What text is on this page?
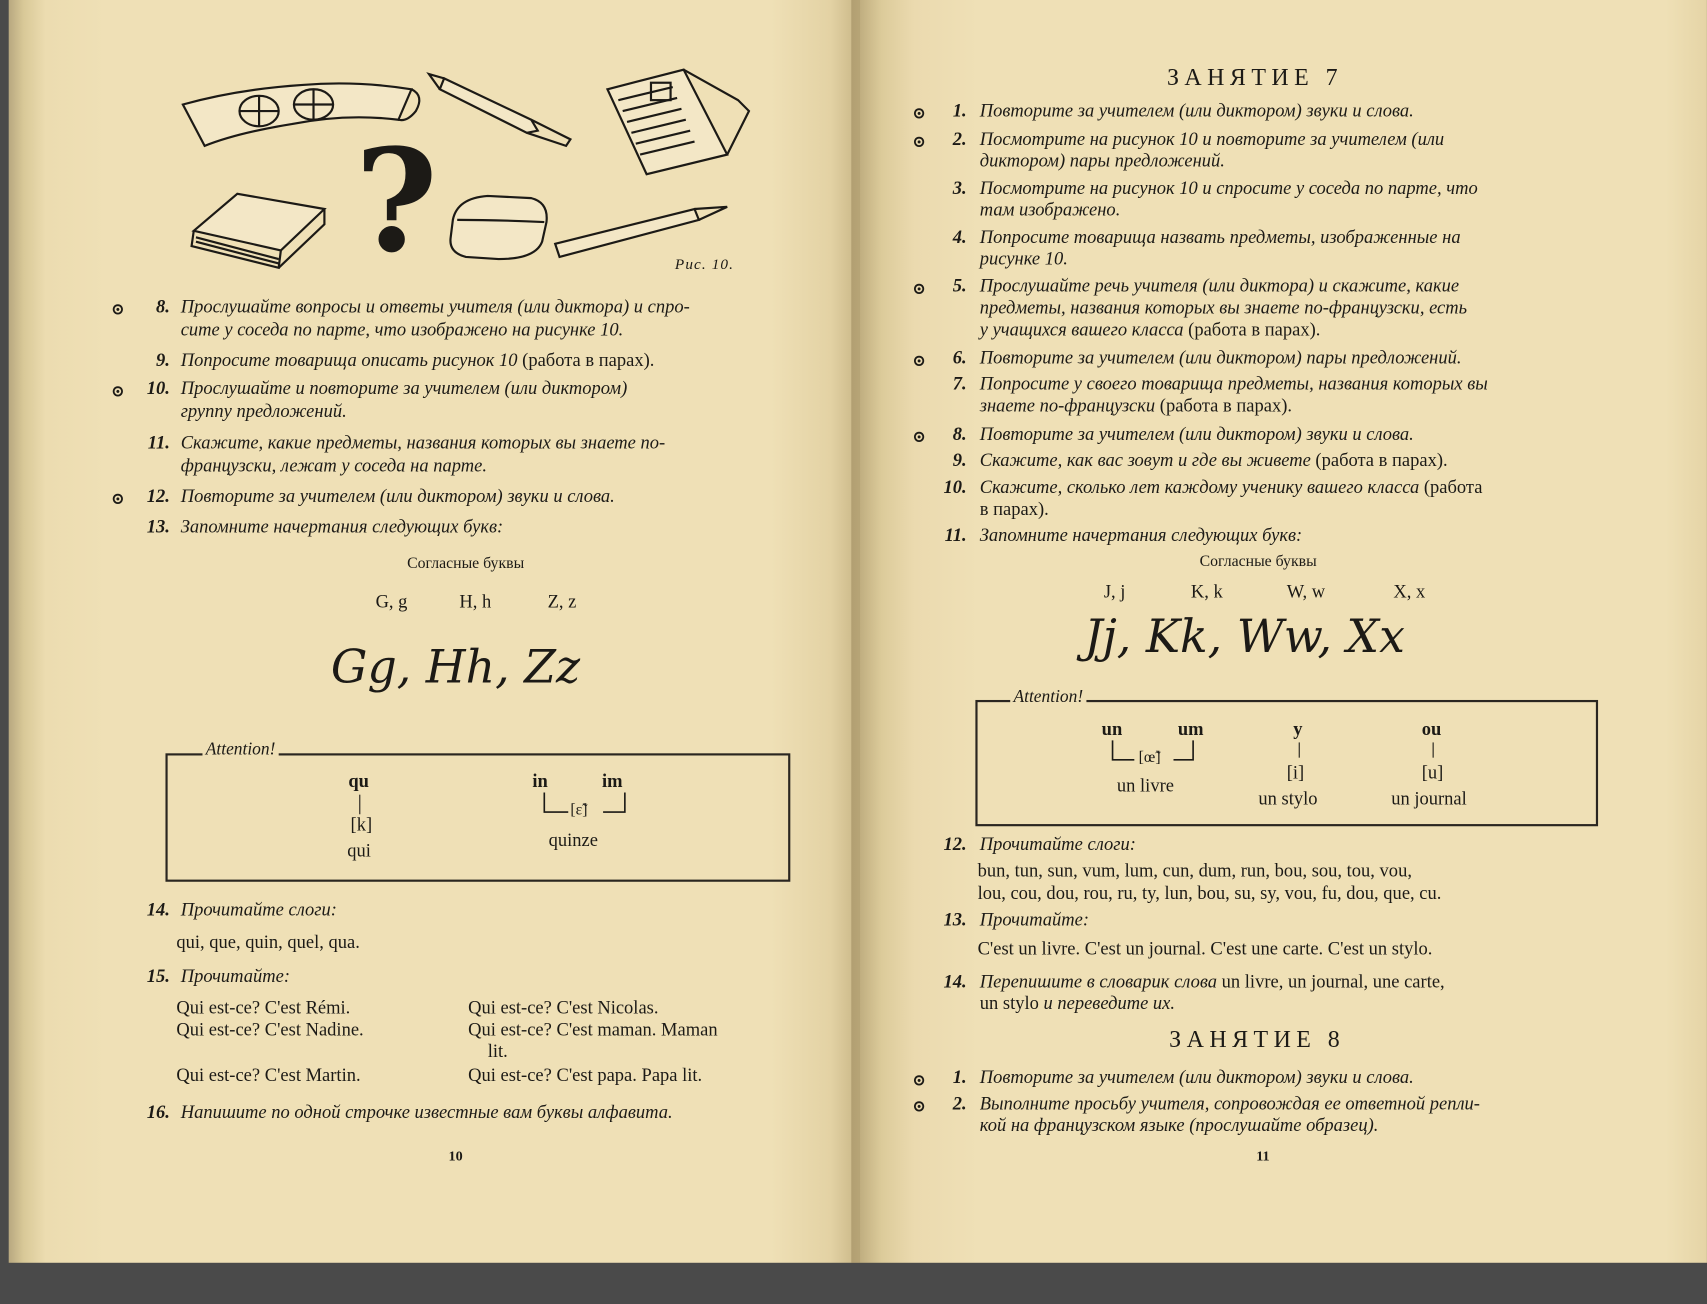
?	Рис. 10.
⊙	8. Прослушайте вопросы и ответы учителя (или диктора) и спро-
сите у соседа по парте, что изображено на рисунке 10.
9. Попросите товарища описать рисунок 10 (работа в парах).
⊙	10. Прослушайте и повторите за учителем (или диктором)
группу предложений.
11. Скажите, какие предметы, названия которых вы знаете по-
французски, лежат у соседа на парте.
⊙	12. Повторите за учителем (или диктором) звуки и слова.
13. Запомните начертания следующих букв:
Согласные буквы
G, g	H, h	Z, z
Gg, Hh, Zz
Attention!
qu
[k]
qui
in	im
[ɛ̃]
quinze
14. Прочитайте слоги:
qui, que, quin, quel, qua.
15. Прочитайте:
Qui est-ce? C'est Rémi.	Qui est-ce? C'est Nicolas.
Qui est-ce? C'est Nadine.	Qui est-ce? C'est maman. Maman
lit.
Qui est-ce? C'est Martin.	Qui est-ce? C'est papa. Papa lit.
16. Напишите по одной строчке известные вам буквы алфавита.
10
ЗАНЯТИЕ 7
⊙	1. Повторите за учителем (или диктором) звуки и слова.
⊙	2. Посмотрите на рисунок 10 и повторите за учителем (или
диктором) пары предложений.
3. Посмотрите на рисунок 10 и спросите у соседа по парте, что
там изображено.
4. Попросите товарища назвать предметы, изображенные на
рисунке 10.
⊙	5. Прослушайте речь учителя (или диктора) и скажите, какие
предметы, названия которых вы знаете по-французски, есть
у учащихся вашего класса (работа в парах).
⊙	6. Повторите за учителем (или диктором) пары предложений.
7. Попросите у своего товарища предметы, названия которых вы
знаете по-французски (работа в парах).
⊙	8. Повторите за учителем (или диктором) звуки и слова.
9. Скажите, как вас зовут и где вы живете (работа в парах).
10. Скажите, сколько лет каждому ученику вашего класса (работа
в парах).
11. Запомните начертания следующих букв:
Согласные буквы
J, j	K, k	W, w	X, x
Jj, Kk, Ww, Xx
Attention!
un	um
[œ̃]
un livre
y
[i]
un stylo
ou
[u]
un journal
12. Прочитайте слоги:
bun, tun, sun, vum, lum, cun, dum, run, bou, sou, tou, vou,
lou, cou, dou, rou, ru, ty, lun, bou, su, sy, vou, fu, dou, que, cu.
13. Прочитайте:
C'est un livre. C'est un journal. C'est une carte. C'est un stylo.
14. Перепишите в словарик слова un livre, un journal, une carte,
un stylo и переведите их.
ЗАНЯТИЕ 8
⊙	1. Повторите за учителем (или диктором) звуки и слова.
⊙	2. Выполните просьбу учителя, сопровождая ее ответной репли-
кой на французском языке (прослушайте образец).
11
